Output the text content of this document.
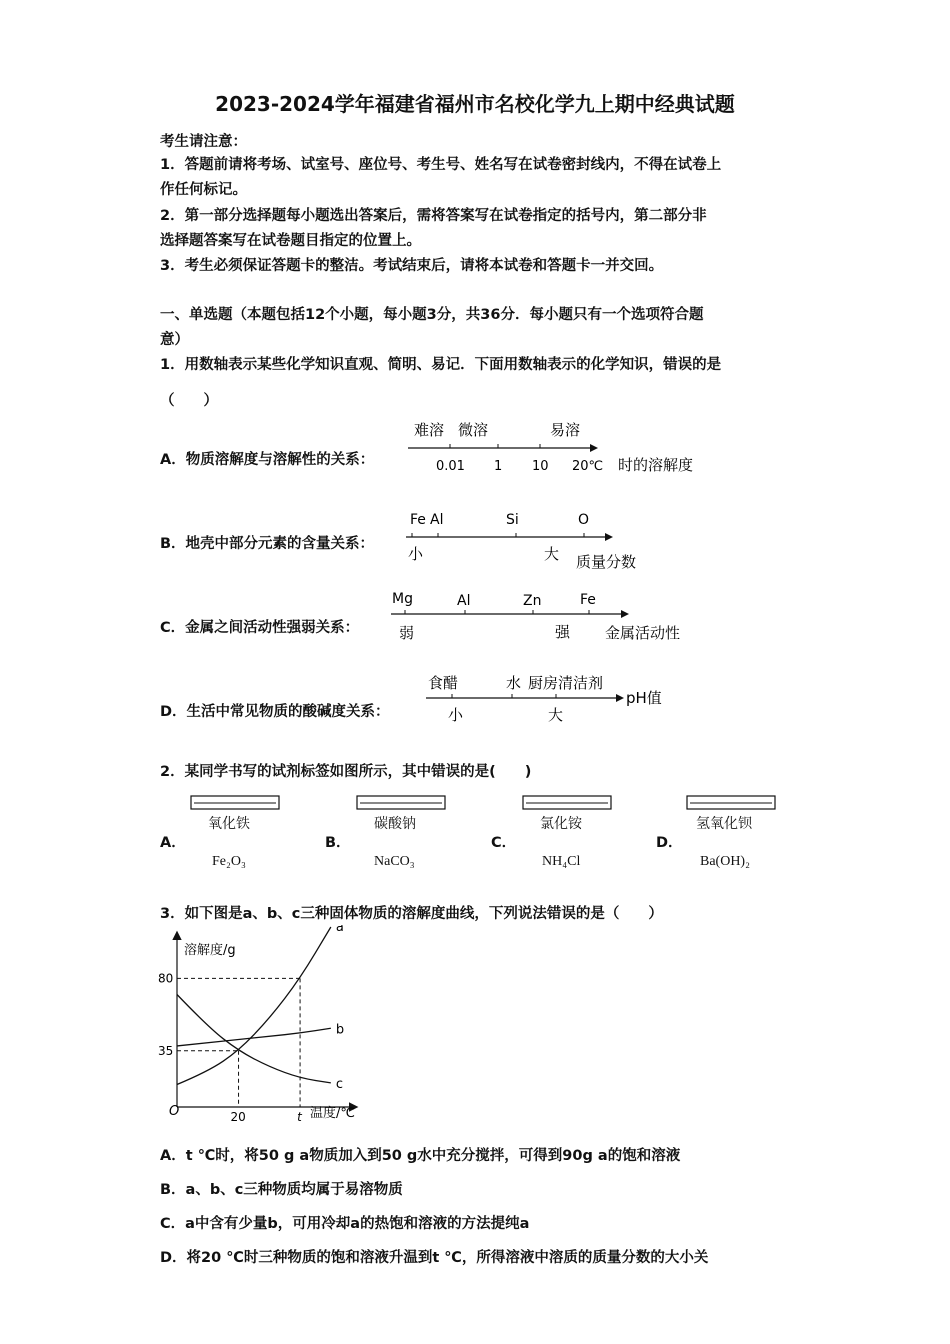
2023-2024学年福建省福州市名校化学九上期中经典试题
考生请注意：
1．答题前请将考场、试室号、座位号、考生号、姓名写在试卷密封线内，不得在试卷上
作任何标记。
2．第一部分选择题每小题选出答案后，需将答案写在试卷指定的括号内，第二部分非
选择题答案写在试卷题目指定的位置上。
3．考生必须保证答题卡的整洁。考试结束后，请将本试卷和答题卡一并交回。
一、单选题（本题包括12个小题，每小题3分，共36分．每小题只有一个选项符合题
意）
1．用数轴表示某些化学知识直观、简明、易记．下面用数轴表示的化学知识，错误的是
（　　）
A．物质溶解度与溶解性的关系：
难溶 微溶	易溶
0.01 1 10 20℃ 时的溶解度
B．地壳中部分元素的含量关系：
Fe Al	Si	O
小	大 质量分数
C．金属之间活动性强弱关系：
Mg	Al	Zn	Fe
弱	强 金属活动性
D．生活中常见物质的酸碱度关系：
食醋	水 厨房清洁剂
小	大
pH值
2．某同学书写的试剂标签如图所示，其中错误的是(　　)
A．
氧化铁
Fe₂O₃
B．
碳酸钠
NaCO₃
C．
氯化铵
NH₄Cl
D．
氢氧化钡
Ba(OH)₂
3．如下图是a、b、c三种固体物质的溶解度曲线，下列说法错误的是（　　）
35
80
20	t
a
b
c
溶解度/g
温度/℃
O
A．t ℃时，将50 g a物质加入到50 g水中充分搅拌，可得到90g a的饱和溶液
B．a、b、c三种物质均属于易溶物质
C．a中含有少量b，可用冷却a的热饱和溶液的方法提纯a
D．将20 ℃时三种物质的饱和溶液升温到t ℃，所得溶液中溶质的质量分数的大小关
